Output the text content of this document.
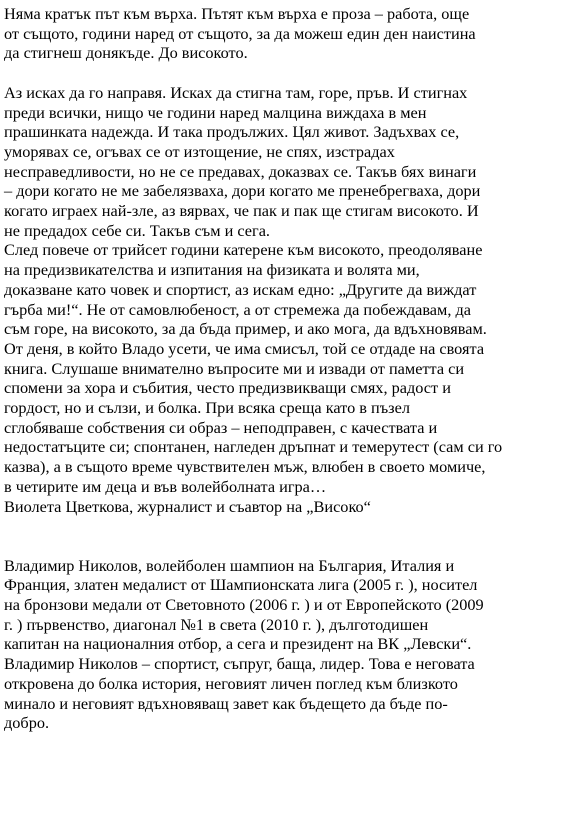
Няма кратък път към върха. Пътят към върха е проза – работа, още
от същото, години наред от същото, за да можеш един ден наистина
да стигнеш донякъде. До високото.

Аз исках да го направя. Исках да стигна там, горе, пръв. И стигнах
преди всички, нищо че години наред малцина виждаха в мен
прашинката надежда. И така продължих. Цял живот. Задъхвах се,
уморявах се, огъвах се от изтощение, не спях, изстрадах
несправедливости, но не се предавах, доказвах се. Такъв бях винаги
– дори когато не ме забелязваха, дори когато ме пренебрегваха, дори
когато играех най-зле, аз вярвах, че пак и пак ще стигам високото. И
не предадох себе си. Такъв съм и сега.

След повече от трийсет години катерене към високото, преодоляване
на предизвикателства и изпитания на физиката и волята ми,
доказване като човек и спортист, аз искам едно: „Другите да виждат
гърба ми!“. Не от самовлюбеност, а от стремежа да побеждавам, да
съм горе, на високото, за да бъда пример, и ако мога, да вдъхновявам.
От деня, в който Владо усети, че има смисъл, той се отдаде на своята
книга. Слушаше внимателно въпросите ми и извади от паметта си
спомени за хора и събития, често предизвикващи смях, радост и
гордост, но и сълзи, и болка. При всяка среща като в пъзел
сглобяваше собствения си образ – неподправен, с качествата и
недостатъците си; спонтанен, нагледен дръпнат и темерутест (сам си го
казва), а в същото време чувствителен мъж, влюбен в своето момиче,
в четирите им деца и във волейболната игра…

Виолета Цветкова, журналист и съавтор на „Високо“

Владимир Николов, волейболен шампион на България, Италия и
Франция, златен медалист от Шампионската лига (2005 г. ), носител
на бронзови медали от Световното (2006 г. ) и от Европейското (2009
г. ) първенство, диагонал №1 в света (2010 г. ), дълготодишен
капитан на националния отбор, а сега и президент на ВК „Левски“.

Владимир Николов – спортист, съпруг, баща, лидер. Това е неговата
откровена до болка история, неговият личен поглед към близкото
минало и неговият вдъхновяващ завет как бъдещето да бъде по-
добро.
